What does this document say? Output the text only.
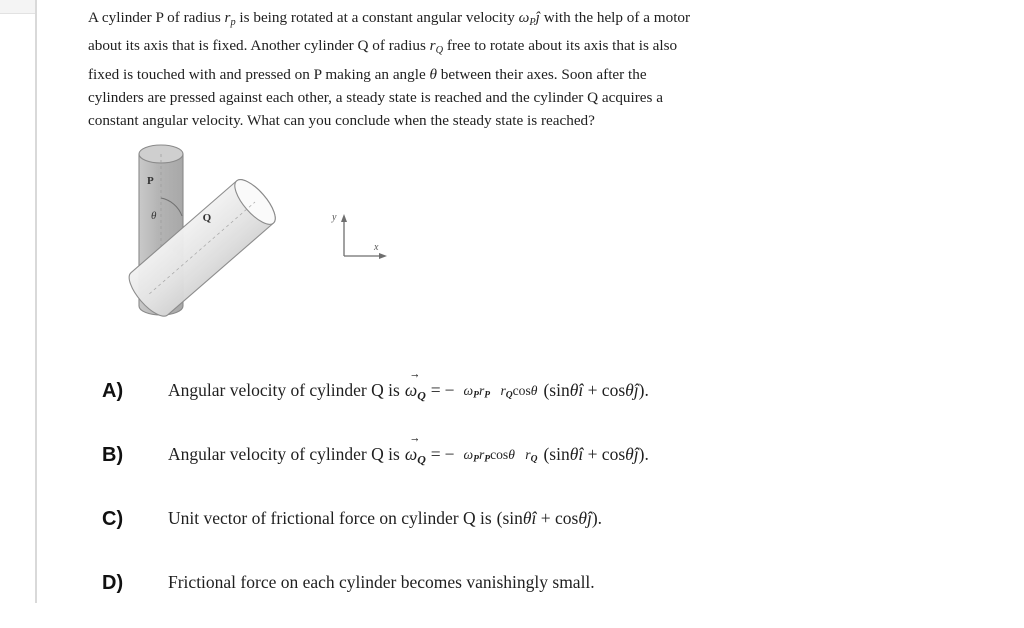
A cylinder P of radius $r_p$ is being rotated at a constant angular velocity $\omega_Pĵ$ with the help of a motor
about its axis that is fixed. Another cylinder Q of radius $r_Q$ free to rotate about its axis that is also
fixed is touched with and pressed on P making an angle θ between their axes. Soon after the
cylinders are pressed against each other, a steady state is reached and the cylinder Q acquires a
constant angular velocity. What can you conclude when the steady state is reached?
P
Q
θ	y
x
A)	Angular velocity of cylinder Q is → $\omega_Q$ = − $\omega_Pr_P$ $r_Q\cos\theta$ (sinθî + cosθĵ).
B)	Angular velocity of cylinder Q is → $\omega_Q$ = − $\omega_Pr_P\cos\theta$ $r_Q$ (sinθî + cosθĵ).
C)	Unit vector of frictional force on cylinder Q is (sinθî + cosθĵ).
D)	Frictional force on each cylinder becomes vanishingly small.
